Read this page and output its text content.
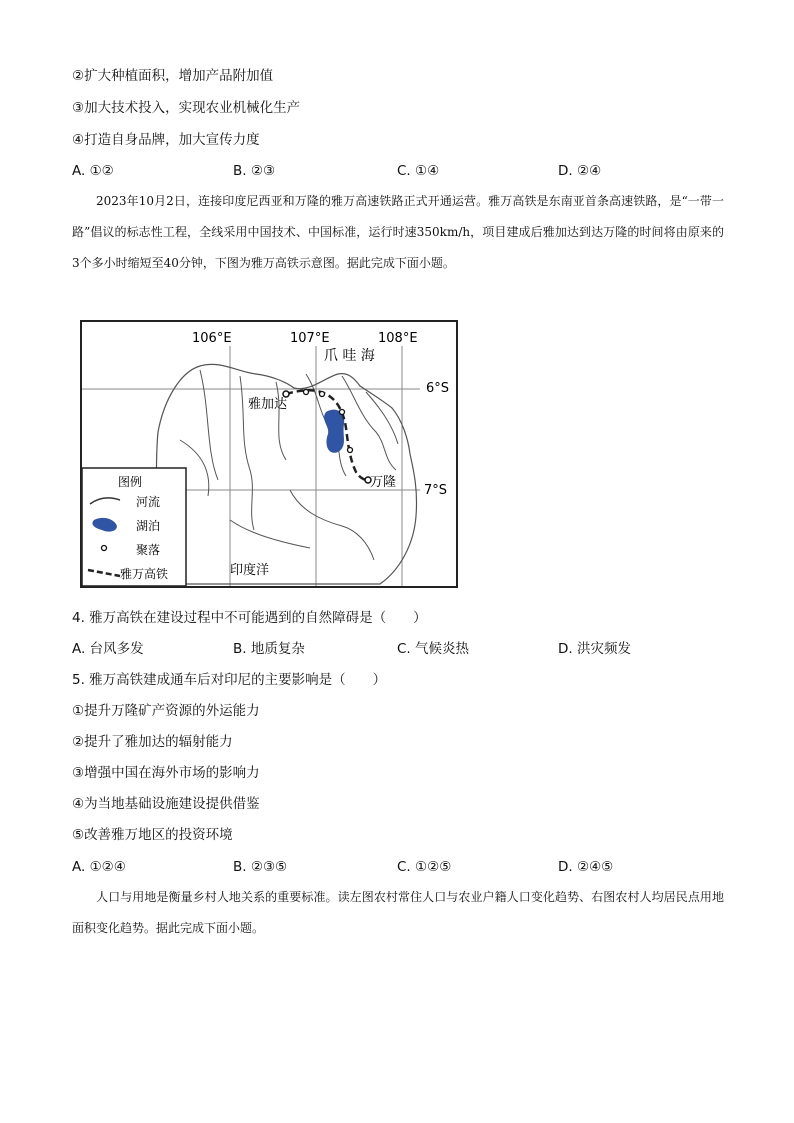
②扩大种植面积，增加产品附加值
③加大技术投入，实现农业机械化生产
④打造自身品牌，加大宣传力度
A. ①②	B. ②③	C. ①④	D. ②④
2023年10月2日，连接印度尼西亚和万隆的雅万高速铁路正式开通运营。雅万高铁是东南亚首条高速铁路，是“一带一路”倡议的标志性工程，全线采用中国技术、中国标准，运行时速350km/h，项目建成后雅加达到达万隆的时间将由原来的3个多小时缩短至40分钟，下图为雅万高铁示意图。据此完成下面小题。
106°E	107°E	108°E
6°S
7°S
爪 哇 海
雅加达
万隆
印度洋
图例
河流
湖泊
聚落
雅万高铁
4. 雅万高铁在建设过程中不可能遇到的自然障碍是（　　）
A. 台风多发	B. 地质复杂	C. 气候炎热	D. 洪灾频发
5. 雅万高铁建成通车后对印尼的主要影响是（　　）
①提升万隆矿产资源的外运能力
②提升了雅加达的辐射能力
③增强中国在海外市场的影响力
④为当地基础设施建设提供借鉴
⑤改善雅万地区的投资环境
A. ①②④	B. ②③⑤	C. ①②⑤	D. ②④⑤
人口与用地是衡量乡村人地关系的重要标准。读左图农村常住人口与农业户籍人口变化趋势、右图农村人均居民点用地面积变化趋势。据此完成下面小题。
